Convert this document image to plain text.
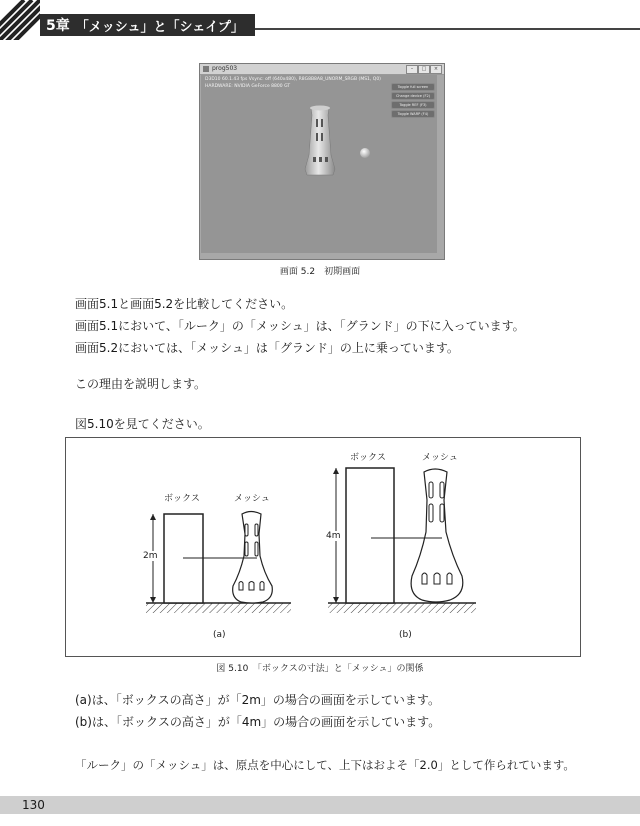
5章 「メッシュ」と「シェイプ」
prog503	–	□	×
D3D10 60.1.43 fps Vsync: off (640x480), R8G8B8A8_UNORM_SRGB (MS1, Q0)
HARDWARE: NVIDIA GeForce 8800 GT	Toggle full screen
Change device (F2)
Toggle REF (F3)
Toggle WARP (F4)
画面 5.2　初期画面
画面5.1と画面5.2を比較してください。
画面5.1において、「ルーク」の「メッシュ」は、「グランド」の下に入っています。
画面5.2においては、「メッシュ」は「グランド」の上に乗っています。
この理由を説明します。
図5.10を見てください。
ボックス	メッシュ
2m
(a)
ボックス	メッシュ
4m
(b)
図 5.10　「ボックスの寸法」と「メッシュ」の関係
(a)は、「ボックスの高さ」が「2m」の場合の画面を示しています。
(b)は、「ボックスの高さ」が「4m」の場合の画面を示しています。
「ルーク」の「メッシュ」は、原点を中心にして、上下はおよそ「2.0」として作られています。
130
